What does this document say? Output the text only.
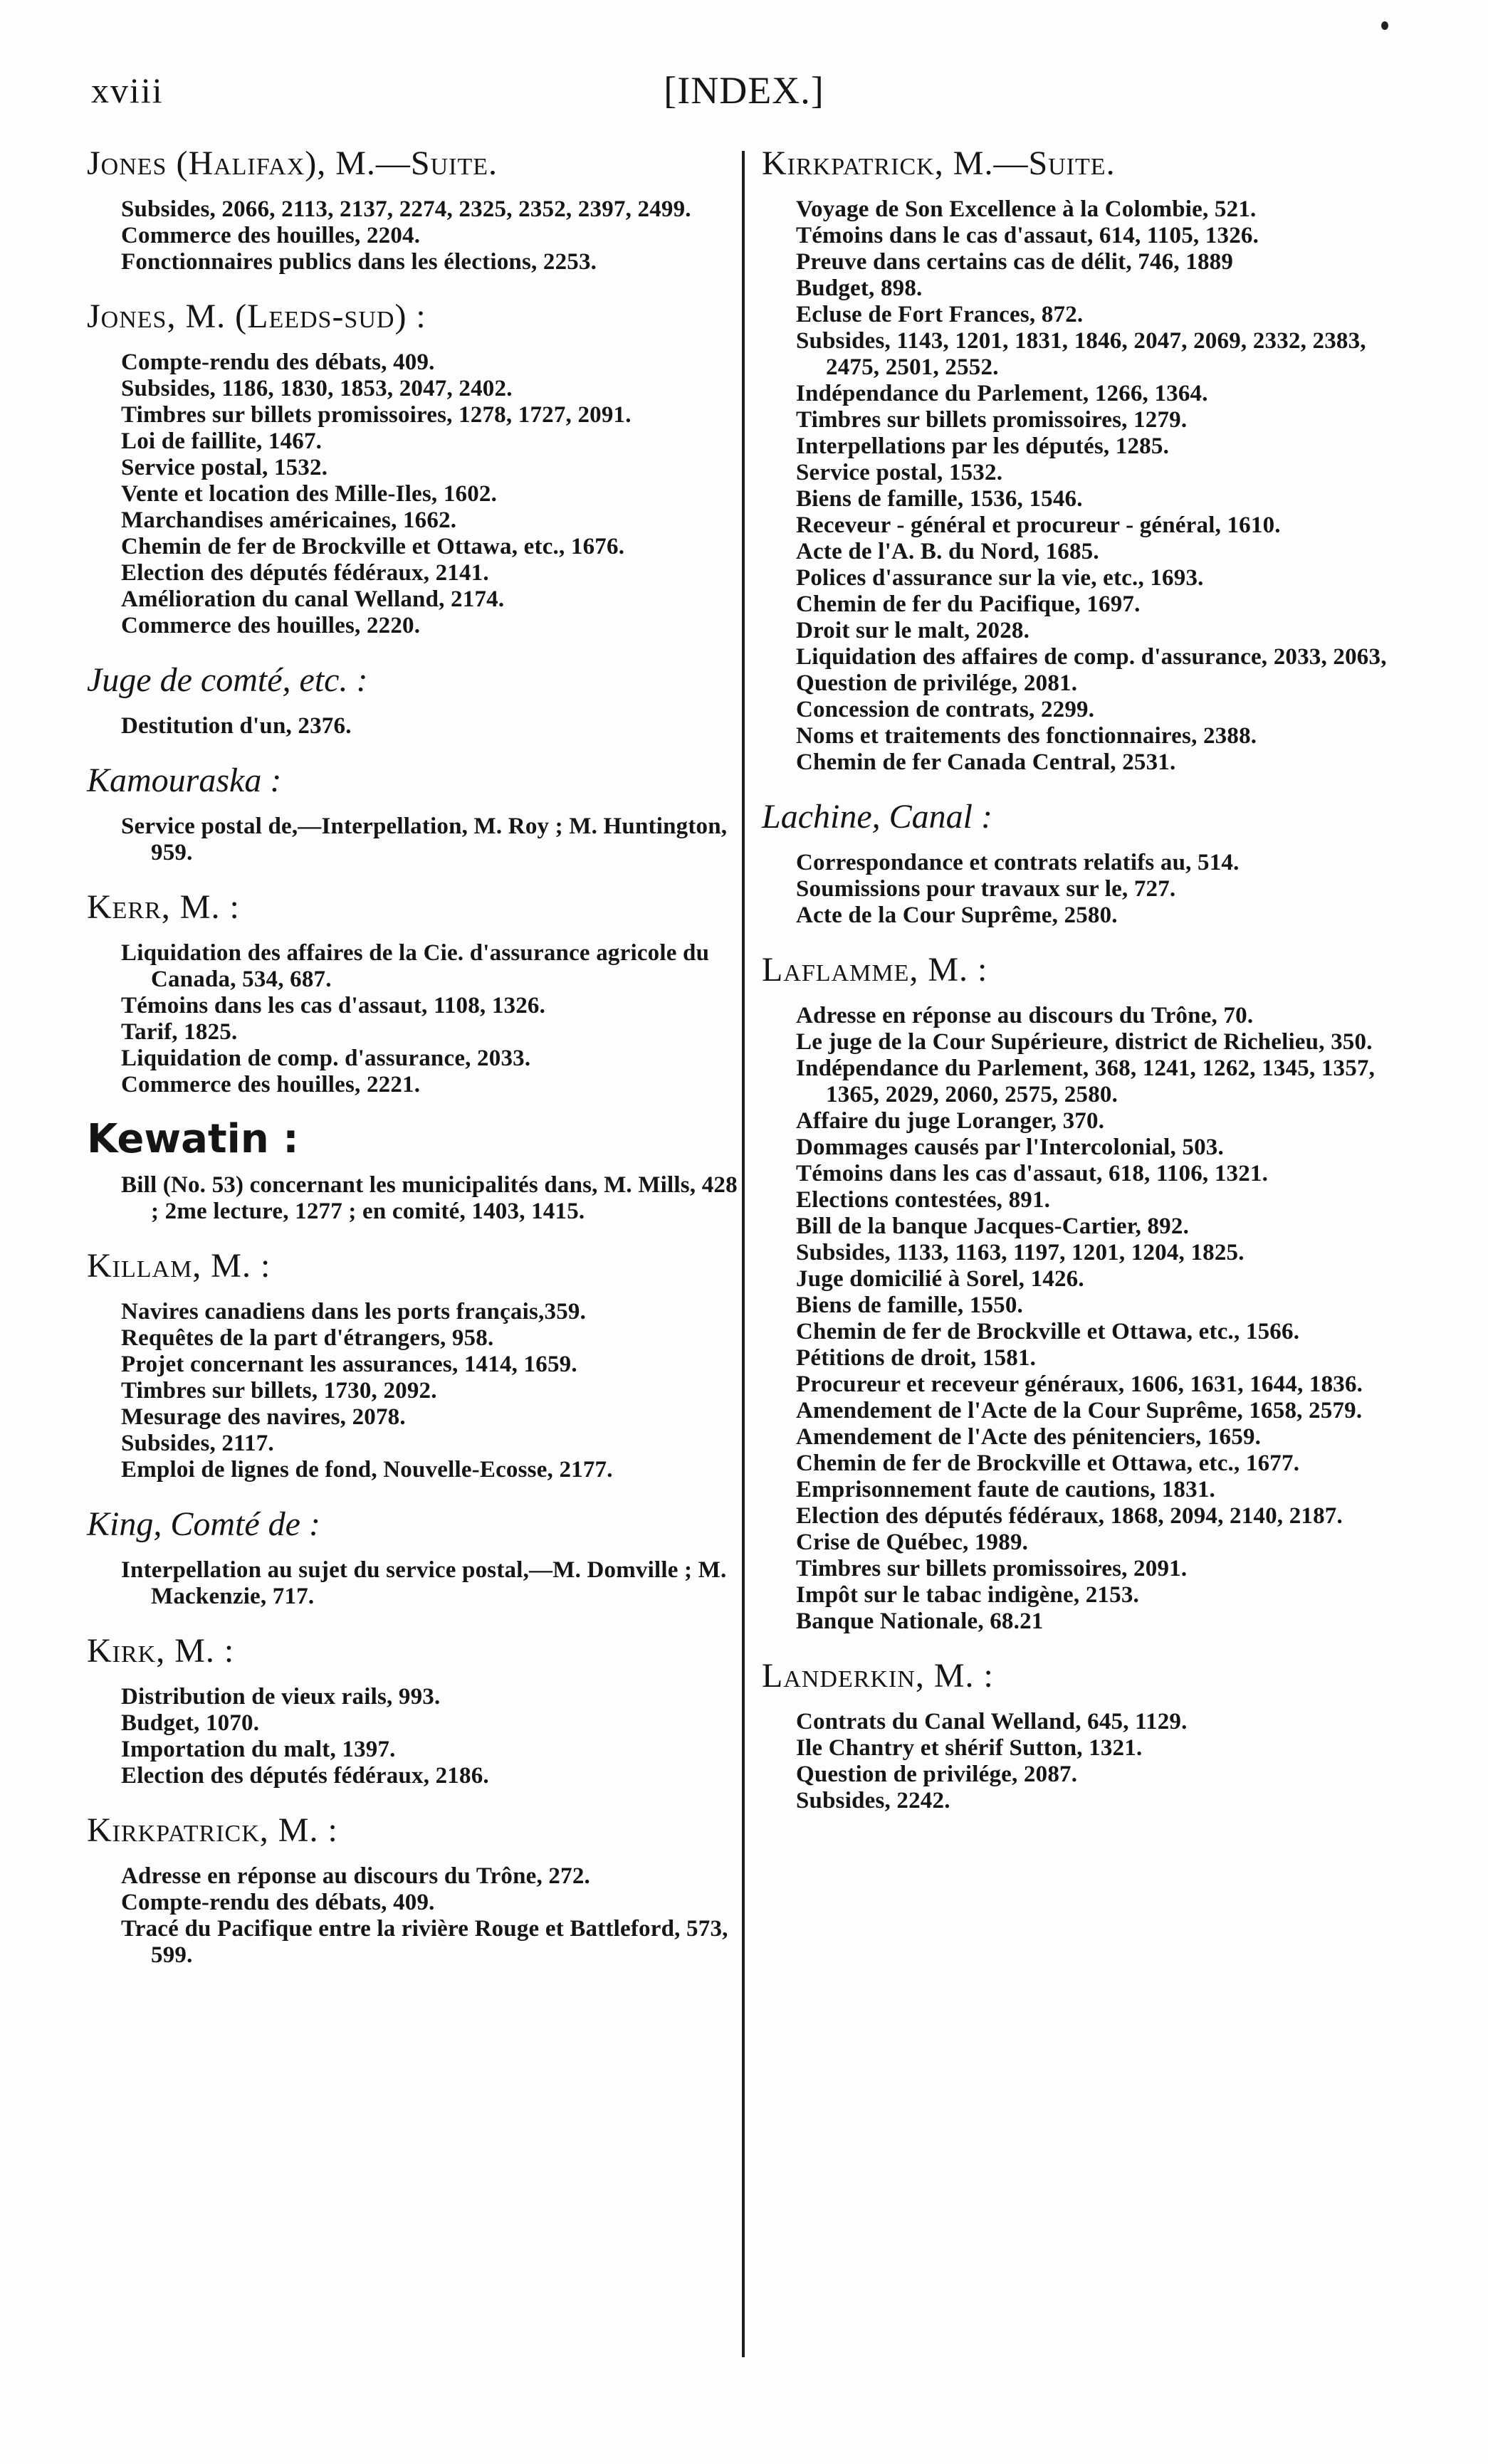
xviii	[INDEX.]
Jones (Halifax), M.—Suite.
Subsides, 2066, 2113, 2137, 2274, 2325, 2352, 2397, 2499.
Commerce des houilles, 2204.
Fonctionnaires publics dans les élections, 2253.
Jones, M. (Leeds-sud) :
Compte-rendu des débats, 409.
Subsides, 1186, 1830, 1853, 2047, 2402.
Timbres sur billets promissoires, 1278, 1727, 2091.
Loi de faillite, 1467.
Service postal, 1532.
Vente et location des Mille-Iles, 1602.
Marchandises américaines, 1662.
Chemin de fer de Brockville et Ottawa, etc., 1676.
Election des députés fédéraux, 2141.
Amélioration du canal Welland, 2174.
Commerce des houilles, 2220.
Juge de comté, etc. :
Destitution d'un, 2376.
Kamouraska :
Service postal de,—Interpellation, M. Roy ; M. Huntington, 959.
Kerr, M. :
Liquidation des affaires de la Cie. d'assurance agricole du Canada, 534, 687.
Témoins dans les cas d'assaut, 1108, 1326.
Tarif, 1825.
Liquidation de comp. d'assurance, 2033.
Commerce des houilles, 2221.
Kewatin :
Bill (No. 53) concernant les municipalités dans, M. Mills, 428 ; 2me lecture, 1277 ; en comité, 1403, 1415.
Killam, M. :
Navires canadiens dans les ports français,359.
Requêtes de la part d'étrangers, 958.
Projet concernant les assurances, 1414, 1659.
Timbres sur billets, 1730, 2092.
Mesurage des navires, 2078.
Subsides, 2117.
Emploi de lignes de fond, Nouvelle-Ecosse, 2177.
King, Comté de :
Interpellation au sujet du service postal,—M. Domville ; M. Mackenzie, 717.
Kirk, M. :
Distribution de vieux rails, 993.
Budget, 1070.
Importation du malt, 1397.
Election des députés fédéraux, 2186.
Kirkpatrick, M. :
Adresse en réponse au discours du Trône, 272.
Compte-rendu des débats, 409.
Tracé du Pacifique entre la rivière Rouge et Battleford, 573, 599.
Kirkpatrick, M.—Suite.
Voyage de Son Excellence à la Colombie, 521.
Témoins dans le cas d'assaut, 614, 1105, 1326.
Preuve dans certains cas de délit, 746, 1889
Budget, 898.
Ecluse de Fort Frances, 872.
Subsides, 1143, 1201, 1831, 1846, 2047, 2069, 2332, 2383, 2475, 2501, 2552.
Indépendance du Parlement, 1266, 1364.
Timbres sur billets promissoires, 1279.
Interpellations par les députés, 1285.
Service postal, 1532.
Biens de famille, 1536, 1546.
Receveur - général et procureur - général, 1610.
Acte de l'A. B. du Nord, 1685.
Polices d'assurance sur la vie, etc., 1693.
Chemin de fer du Pacifique, 1697.
Droit sur le malt, 2028.
Liquidation des affaires de comp. d'assurance, 2033, 2063,
Question de privilége, 2081.
Concession de contrats, 2299.
Noms et traitements des fonctionnaires, 2388.
Chemin de fer Canada Central, 2531.
Lachine, Canal :
Correspondance et contrats relatifs au, 514.
Soumissions pour travaux sur le, 727.
Acte de la Cour Suprême, 2580.
Laflamme, M. :
Adresse en réponse au discours du Trône, 70.
Le juge de la Cour Supérieure, district de Richelieu, 350.
Indépendance du Parlement, 368, 1241, 1262, 1345, 1357, 1365, 2029, 2060, 2575, 2580.
Affaire du juge Loranger, 370.
Dommages causés par l'Intercolonial, 503.
Témoins dans les cas d'assaut, 618, 1106, 1321.
Elections contestées, 891.
Bill de la banque Jacques-Cartier, 892.
Subsides, 1133, 1163, 1197, 1201, 1204, 1825.
Juge domicilié à Sorel, 1426.
Biens de famille, 1550.
Chemin de fer de Brockville et Ottawa, etc., 1566.
Pétitions de droit, 1581.
Procureur et receveur généraux, 1606, 1631, 1644, 1836.
Amendement de l'Acte de la Cour Suprême, 1658, 2579.
Amendement de l'Acte des pénitenciers, 1659.
Chemin de fer de Brockville et Ottawa, etc., 1677.
Emprisonnement faute de cautions, 1831.
Election des députés fédéraux, 1868, 2094, 2140, 2187.
Crise de Québec, 1989.
Timbres sur billets promissoires, 2091.
Impôt sur le tabac indigène, 2153.
Banque Nationale, 68.21
Landerkin, M. :
Contrats du Canal Welland, 645, 1129.
Ile Chantry et shérif Sutton, 1321.
Question de privilége, 2087.
Subsides, 2242.
